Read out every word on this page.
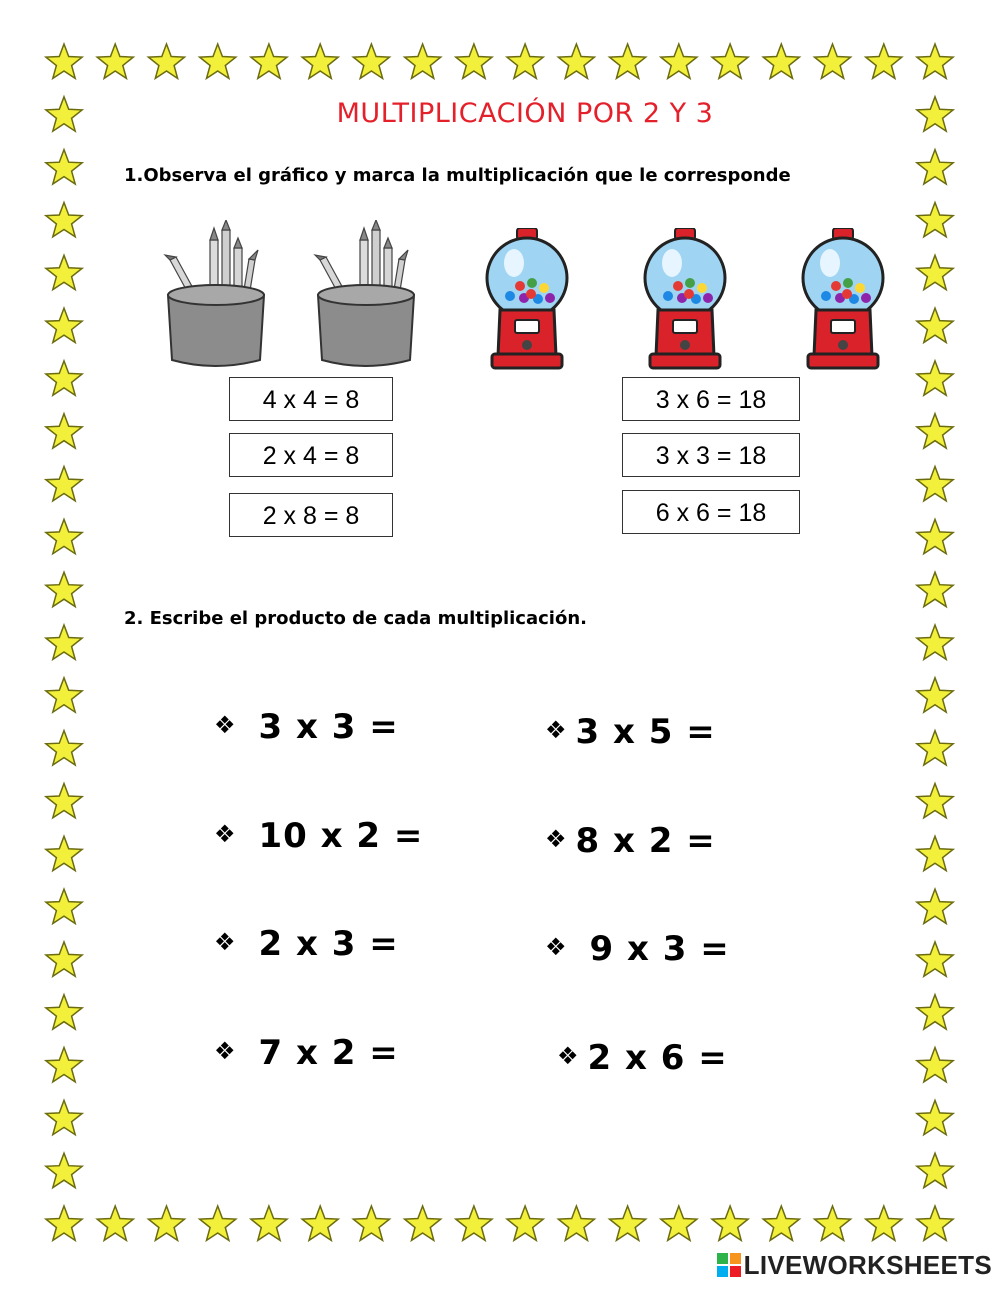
MULTIPLICACIÓN POR 2 Y 3
1.Observa el gráfico y marca la multiplicación que le corresponde
4 x 4 = 8
2 x 4 = 8
2 x 8 = 8
3 x 6 = 18
3 x 3 = 18
6 x 6 = 18
2. Escribe el producto de cada multiplicación.
❖ 3 x 3 =	❖ 3 x 5 =
❖ 10 x 2 =	❖ 8 x 2 =
❖ 2 x 3 =	❖ 9 x 3 =
❖ 7 x 2 =	❖ 2 x 6 =
LIVEWORKSHEETS
